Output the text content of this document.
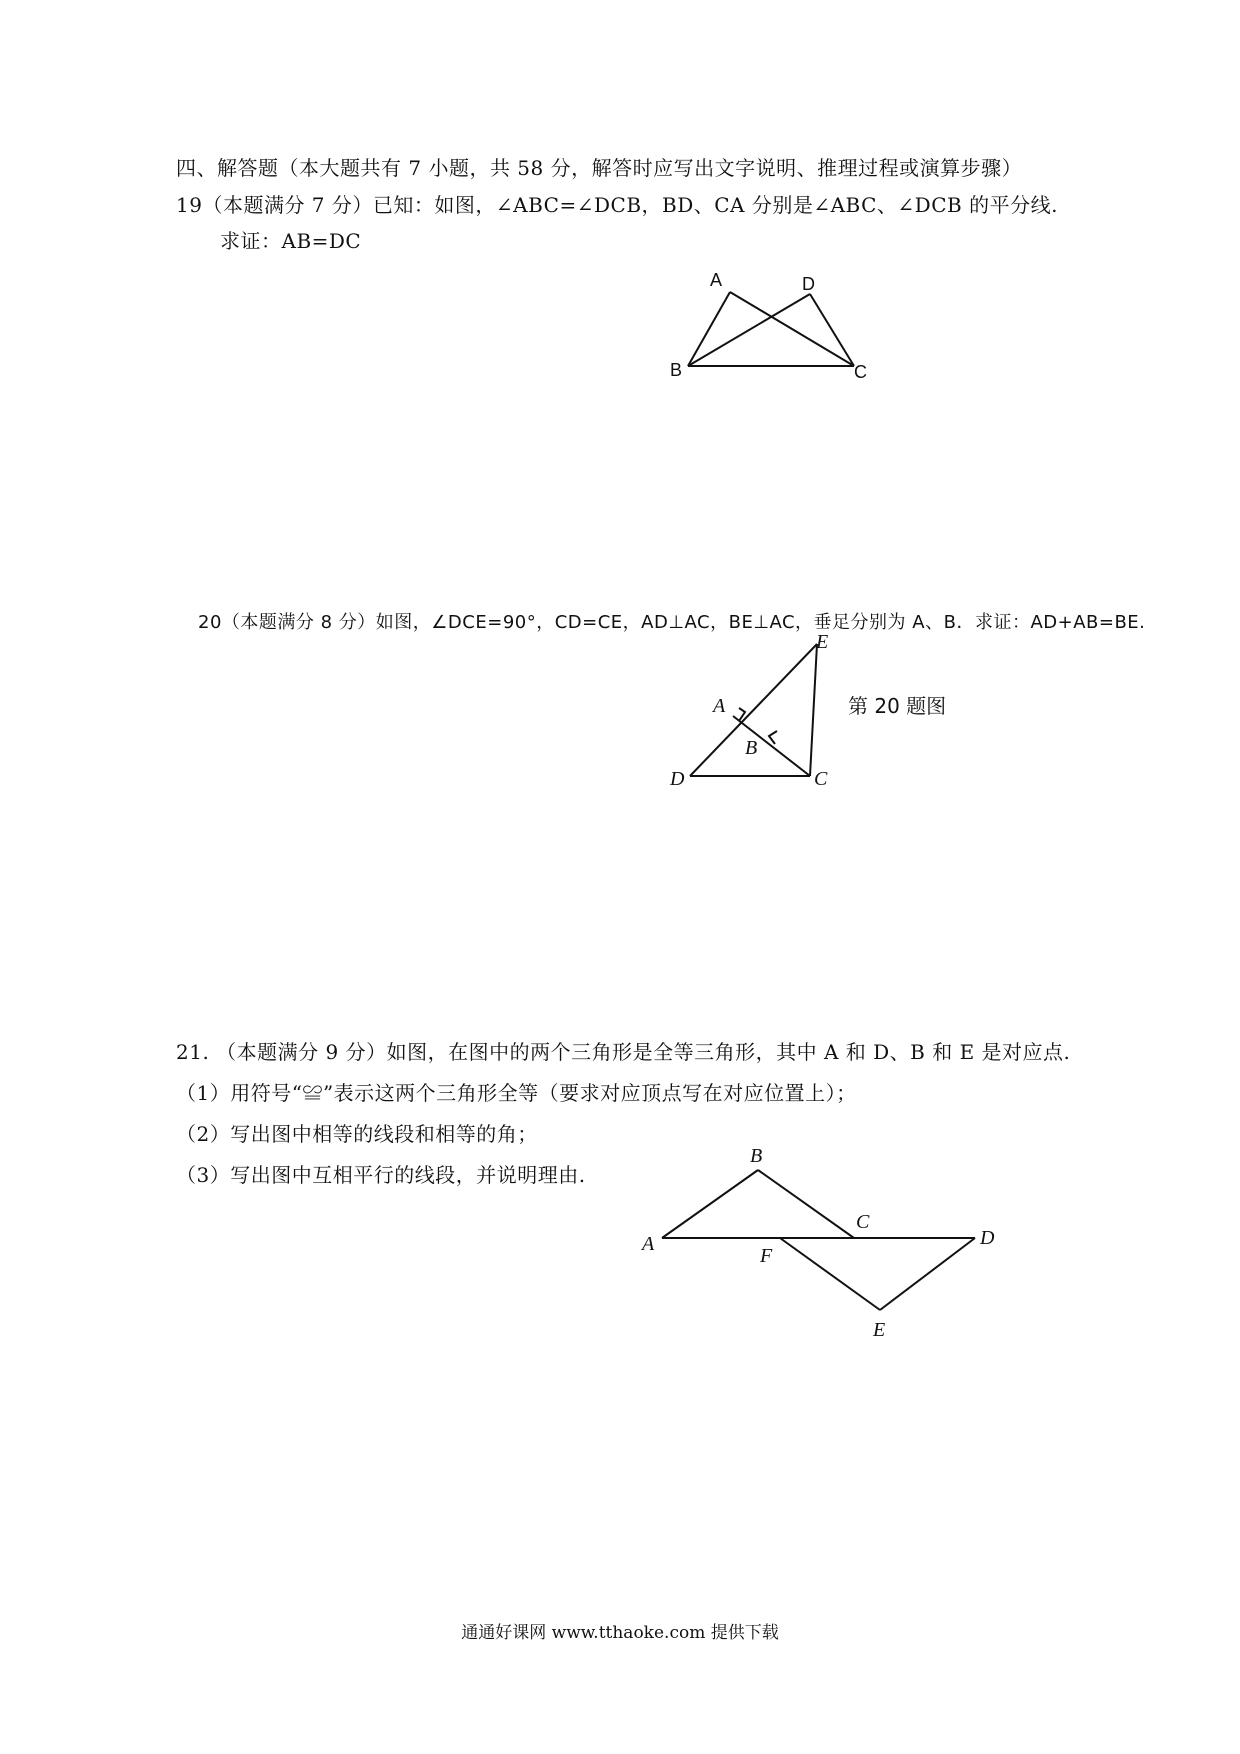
四、解答题（本大题共有 7 小题，共 58 分，解答时应写出文字说明、推理过程或演算步骤）
19（本题满分 7 分）已知：如图，∠ABC=∠DCB，BD、CA 分别是∠ABC、∠DCB 的平分线.
求证：AB=DC
A	D
B	C
20（本题满分 8 分）如图，∠DCE=90°，CD=CE，AD⊥AC，BE⊥AC，垂足分别为 A、B．求证：AD+AB=BE.
E
A
B
D	C
第 20 题图
21. （本题满分 9 分）如图，在图中的两个三角形是全等三角形，其中 A 和 D、B 和 E 是对应点.
（1）用符号“≌”表示这两个三角形全等（要求对应顶点写在对应位置上）；
（2）写出图中相等的线段和相等的角；
（3）写出图中互相平行的线段，并说明理由.
B
C
A
F
D
E
通通好课网 www.tthaoke.com 提供下载
